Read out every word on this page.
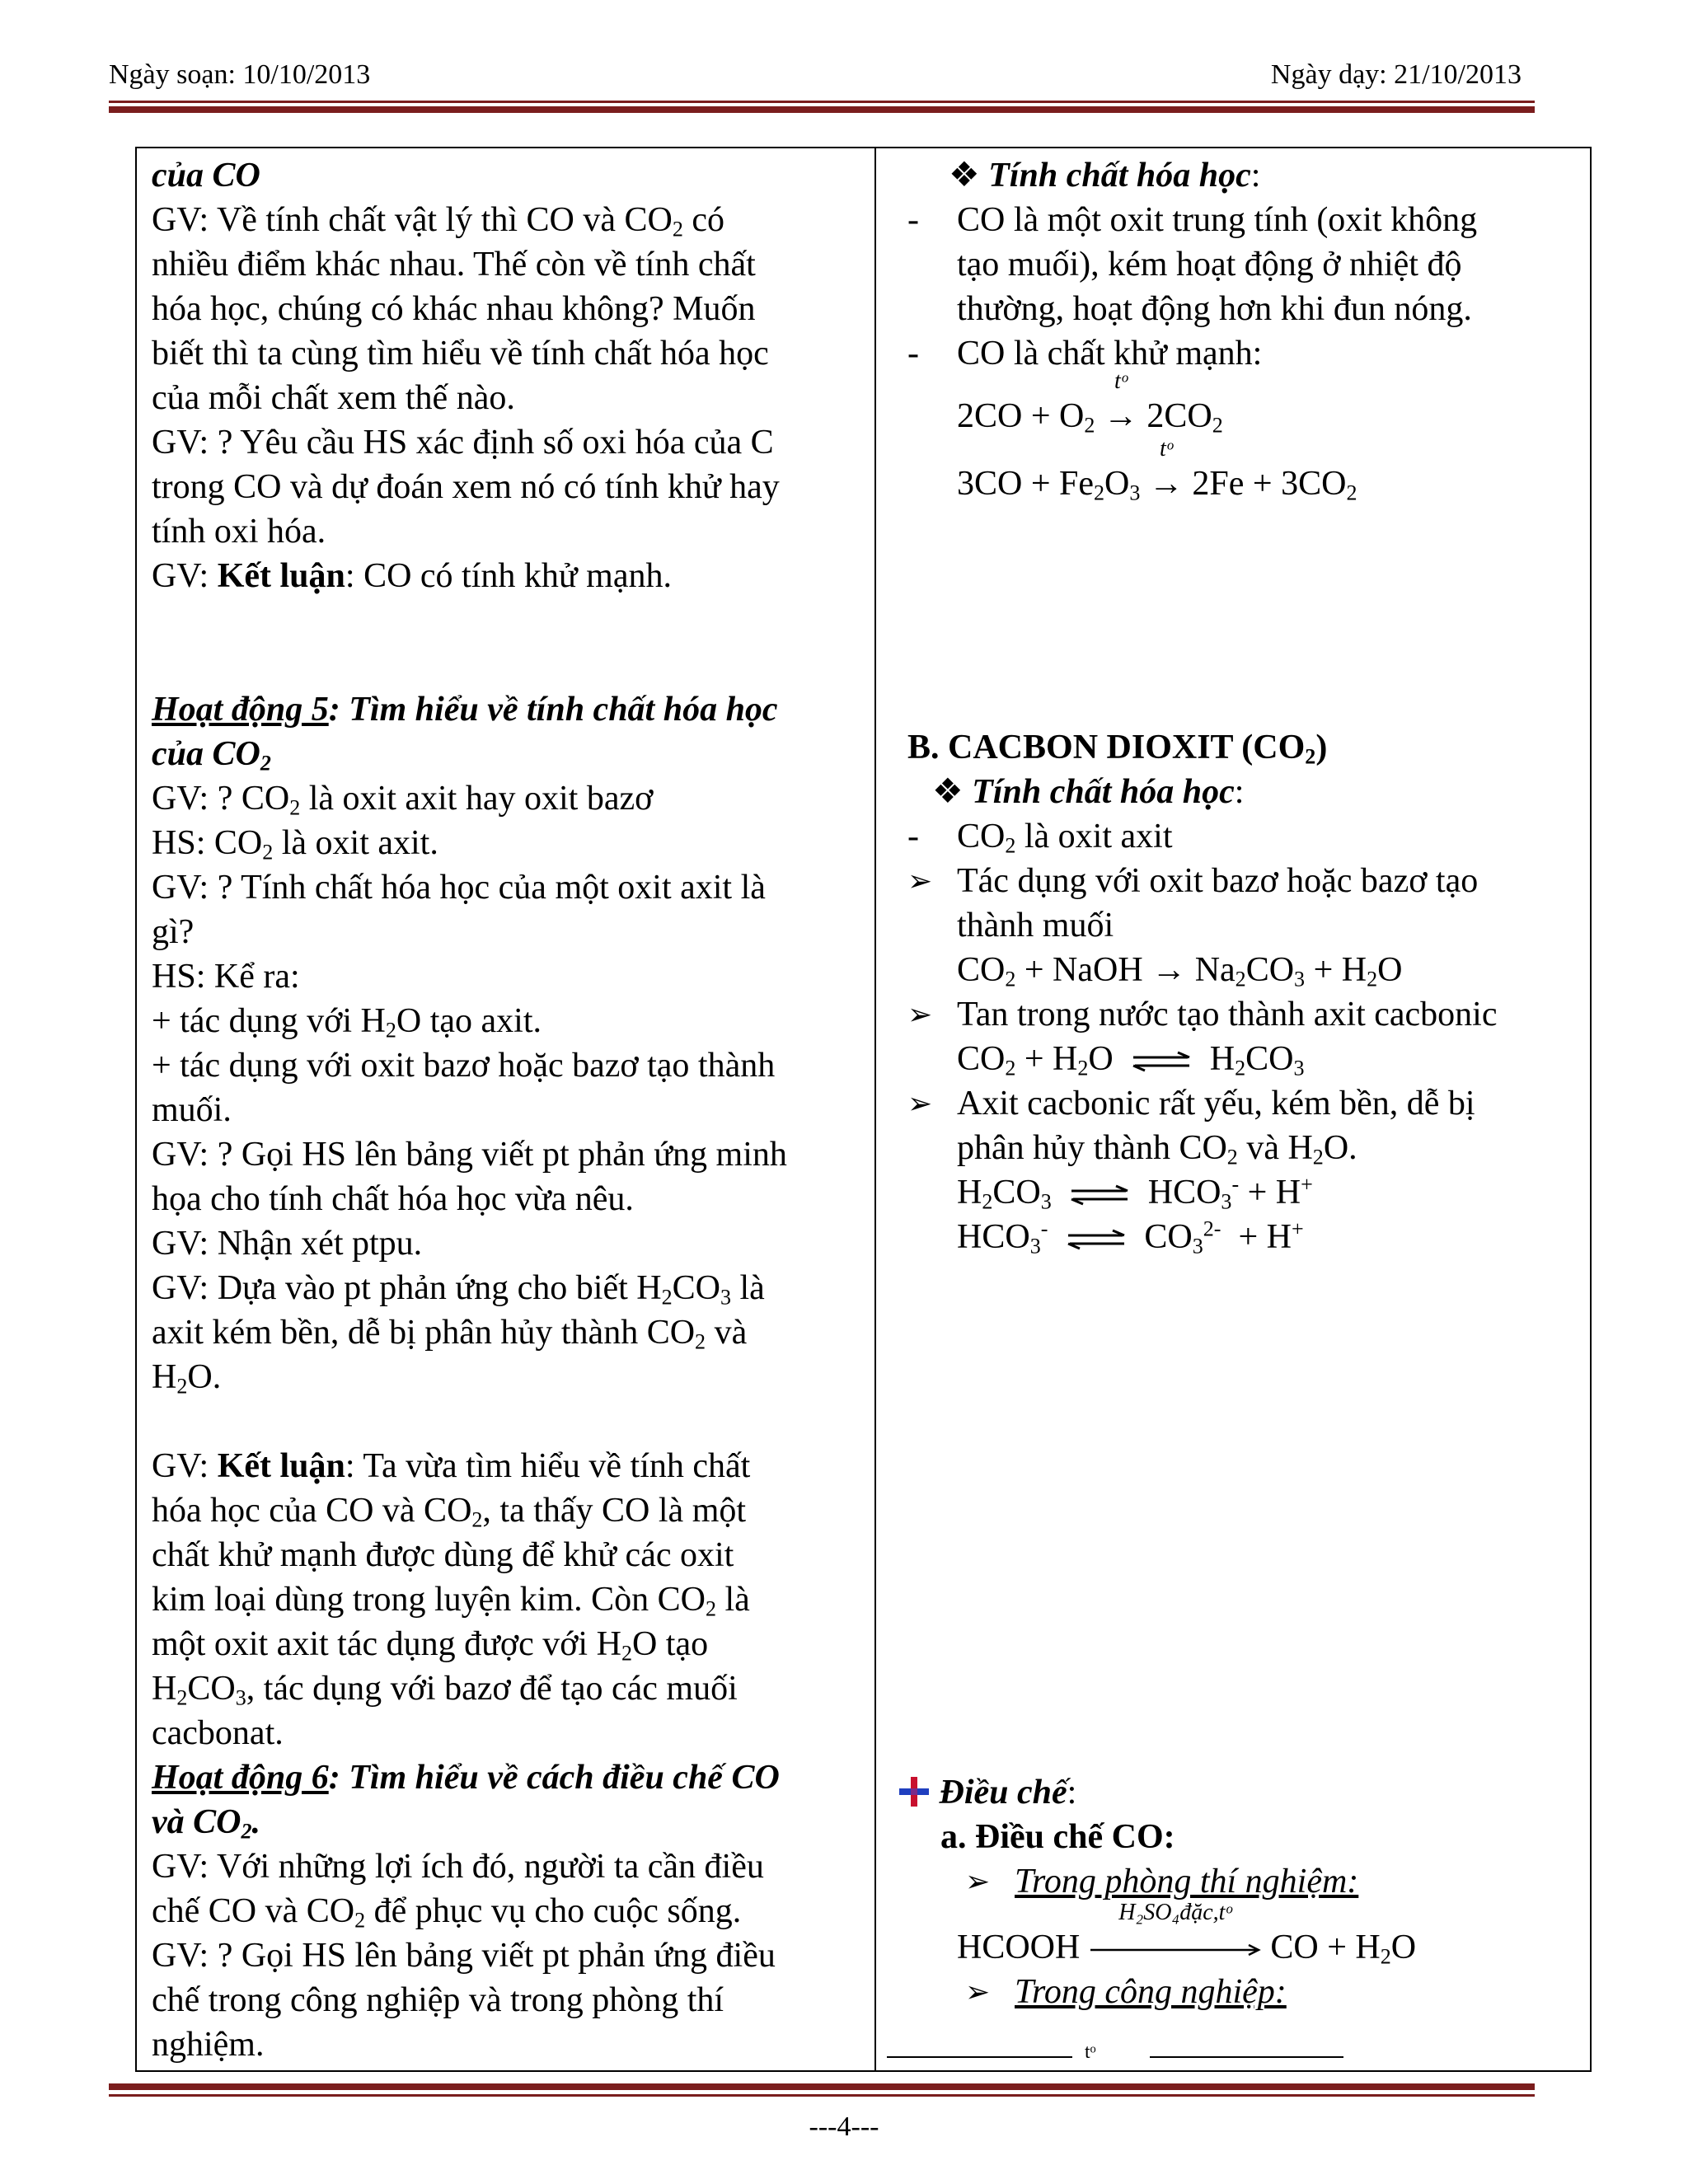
Ngày soạn: 10/10/2013	Ngày dạy: 21/10/2013
của CO
GV: Về tính chất vật lý thì CO và $CO_2$ có
nhiều điểm khác nhau. Thế còn về tính chất
hóa học, chúng có khác nhau không? Muốn
biết thì ta cùng tìm hiểu về tính chất hóa học
của mỗi chất xem thế nào.
GV: ? Yêu cầu HS xác định số oxi hóa của C
trong CO và dự đoán xem nó có tính khử hay
tính oxi hóa.
GV: Kết luận: CO có tính khử mạnh.
Hoạt động 5: Tìm hiểu về tính chất hóa học
của $CO_2$
GV: ? $CO_2$ là oxit axit hay oxit bazơ
HS: $CO_2$ là oxit axit.
GV: ? Tính chất hóa học của một oxit axit là
gì?
HS: Kể ra:
+ tác dụng với $H_2O$ tạo axit.
+ tác dụng với oxit bazơ hoặc bazơ tạo thành
muối.
GV: ? Gọi HS lên bảng viết pt phản ứng minh
họa cho tính chất hóa học vừa nêu.
GV: Nhận xét ptpu.
GV: Dựa vào pt phản ứng cho biết $H_2CO_3$ là
axit kém bền, dễ bị phân hủy thành $CO_2$ và
$H_2O$.
GV: Kết luận: Ta vừa tìm hiểu về tính chất
hóa học của CO và $CO_2$, ta thấy CO là một
chất khử mạnh được dùng để khử các oxit
kim loại dùng trong luyện kim. Còn $CO_2$ là
một oxit axit tác dụng được với $H_2O$ tạo
$H_2CO_3$, tác dụng với bazơ để tạo các muối
cacbonat.
Hoạt động 6: Tìm hiểu về cách điều chế CO
và $CO_2$.
GV: Với những lợi ích đó, người ta cần điều
chế CO và $CO_2$ để phục vụ cho cuộc sống.
GV: ? Gọi HS lên bảng viết pt phản ứng điều
chế trong công nghiệp và trong phòng thí
nghiệm.
❖ Tính chất hóa học:
-	CO là một oxit trung tính (oxit không
tạo muối), kém hoạt động ở nhiệt độ
thường, hoạt động hơn khi đun nóng.
-	CO là chất khử mạnh:
$2CO + O_2$
tᵒ
→ $2CO_2$
$3CO + Fe_2O_3$
tᵒ
→ $2Fe + 3CO_2$
B. CACBON DIOXIT $(CO_2)$
❖ Tính chất hóa học:
-	$CO_2$ là oxit axit
➢ Tác dụng với oxit bazơ hoặc bazơ tạo
thành muối
$CO_2$ + NaOH → $Na_2CO_3 + H_2O$
➢ Tan trong nước tạo thành axit cacbonic
$CO_2 + H_2O$ ⇌ $H_2CO_3$
➢ Axit cacbonic rất yếu, kém bền, dễ bị
phân hủy thành $CO_2$ và $H_2O$.
$H_2CO_3$ ⇌ $HCO_3^- + H^+$
$HCO_3^-$ ⇌ $CO_3^{2-} + H^+$
Điều chế:
a. Điều chế CO:
➢ Trong phòng thí nghiệm:
HCOOH
H₂SO₄đặc,tᵒ
CO + $H_2O$
➢ Trong công nghiệp:
tᵒ
---4---
